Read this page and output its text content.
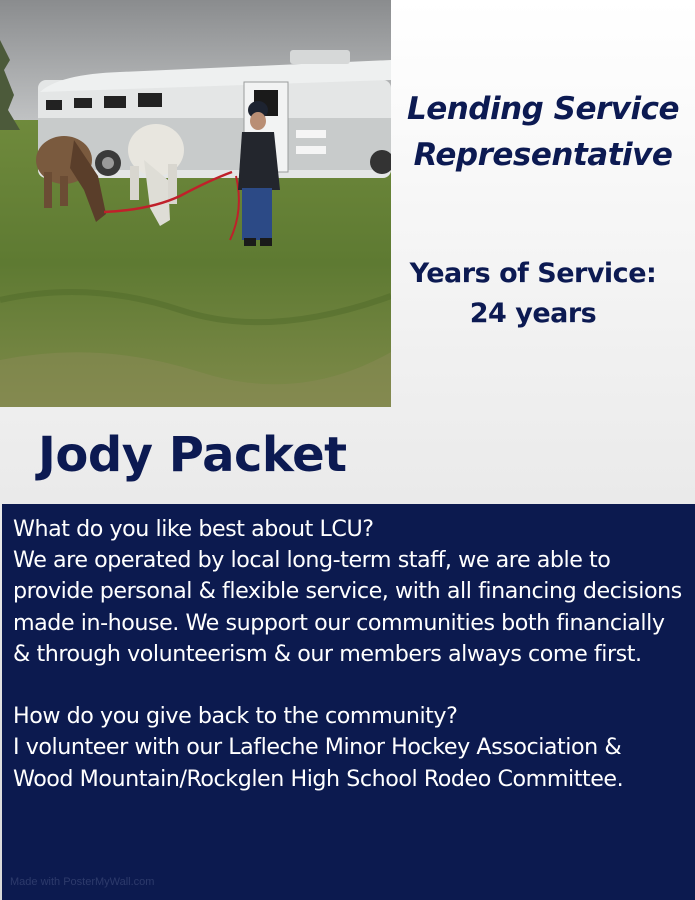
Lending Service
Representative
Years of Service:
24 years
Jody Packet

What do you like best about LCU?

We are operated by local long-term staff, we are able to provide personal & flexible service, with all financing decisions made in-house. We support our communities both financially & through volunteerism & our members always come first.

How do you give back to the community?

I volunteer with our Lafleche Minor Hockey Association & Wood Mountain/Rockglen High School Rodeo Committee.

Made with PosterMyWall.com
